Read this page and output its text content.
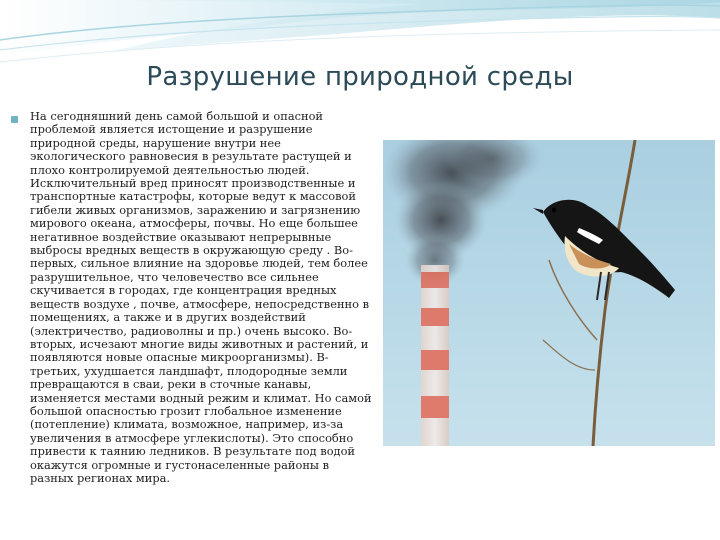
Разрушение природной среды

На сегодняшний день самой большой и опасной проблемой является истощение и разрушение природной среды, нарушение внутри нее экологического равновесия в результате растущей и плохо контролируемой деятельностью людей. Исключительный вред приносят производственные и транспортные катастрофы, которые ведут к массовой гибели живых организмов, заражению и загрязнению мирового океана, атмосферы, почвы. Но еще большее негативное воздействие оказывают непрерывные выбросы вредных веществ в окружающую среду . Во- первых, сильное влияние на здоровье людей, тем более разрушительное, что человечество все сильнее скучивается в городах, где концентрация вредных веществ воздухе , почве, атмосфере, непосредственно в помещениях, а также и в других воздействий (электричество, радиоволны и пр.) очень высоко. Во- вторых, исчезают многие виды животных и растений, и появляются новые опасные микроорганизмы). В-третьих, ухудшается ландшафт, плодородные земли превращаются в сваи, реки в сточные канавы, изменяется местами водный режим и климат. Но самой большой опасностью грозит глобальное изменение (потепление) климата, возможное, например, из-за увеличения в атмосфере углекислоты). Это способно привести к таянию ледников. В результате под водой окажутся огромные и густонаселенные районы в разных регионах мира.
